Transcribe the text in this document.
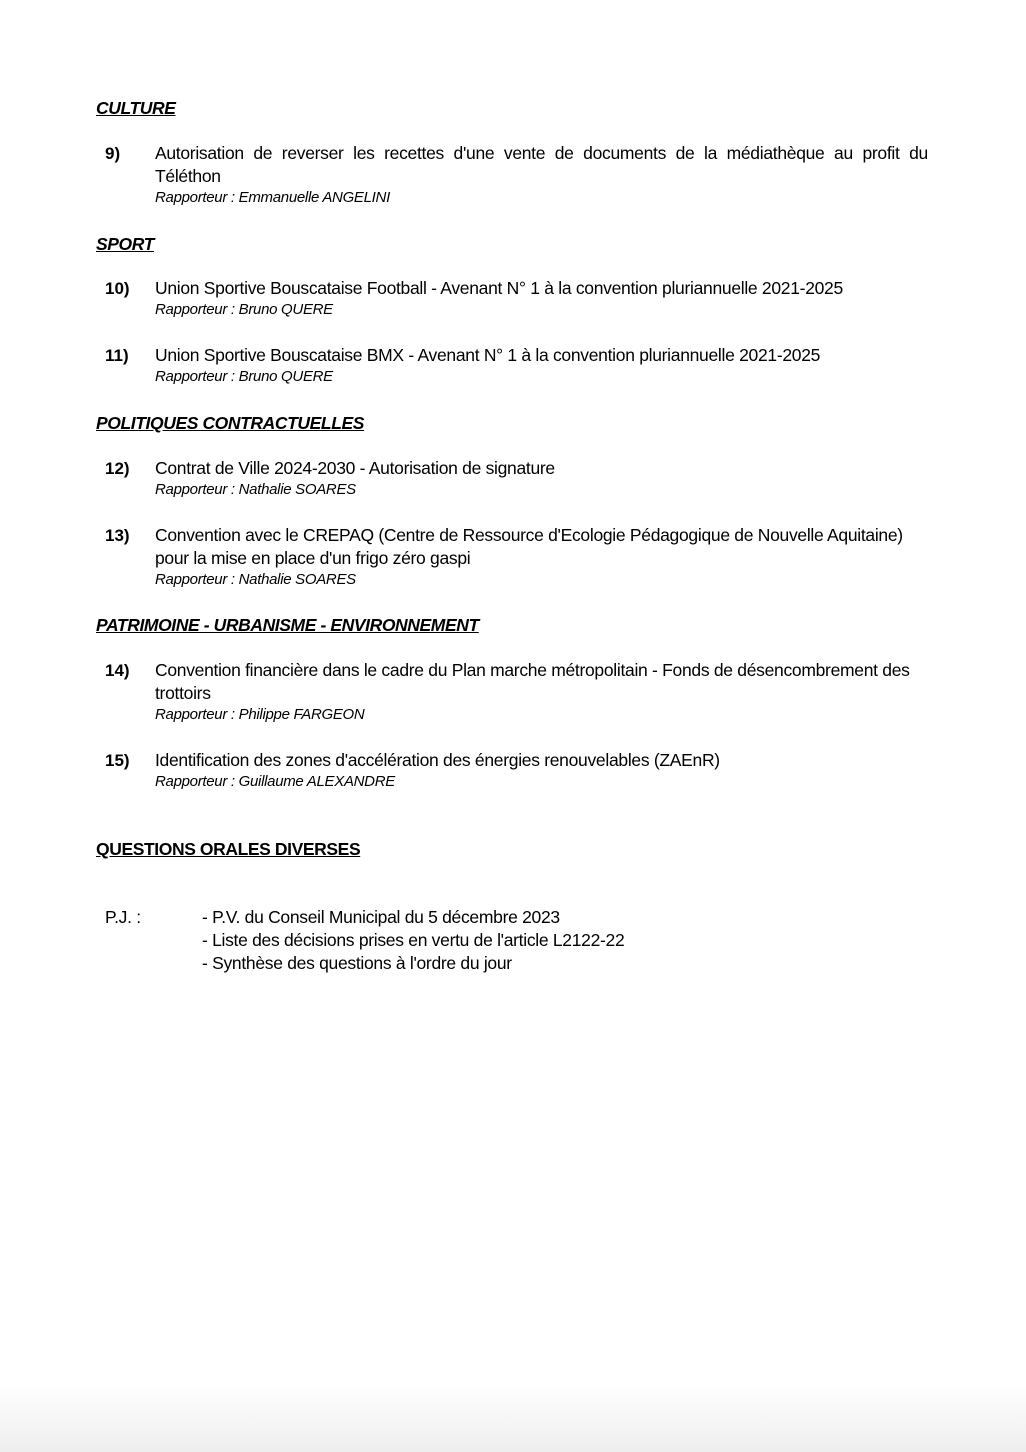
CULTURE
9) Autorisation de reverser les recettes d'une vente de documents de la médiathèque au profit du Téléthon
Rapporteur : Emmanuelle ANGELINI
SPORT
10) Union Sportive Bouscataise Football - Avenant N° 1 à la convention pluriannuelle 2021-2025
Rapporteur : Bruno QUERE
11) Union Sportive Bouscataise BMX - Avenant N° 1 à la convention pluriannuelle 2021-2025
Rapporteur : Bruno QUERE
POLITIQUES CONTRACTUELLES
12) Contrat de Ville 2024-2030 - Autorisation de signature
Rapporteur : Nathalie SOARES
13) Convention avec le CREPAQ (Centre de Ressource d'Ecologie Pédagogique de Nouvelle Aquitaine) pour la mise en place d'un frigo zéro gaspi
Rapporteur : Nathalie SOARES
PATRIMOINE - URBANISME - ENVIRONNEMENT
14) Convention financière dans le cadre du Plan marche métropolitain - Fonds de désencombrement des trottoirs
Rapporteur : Philippe FARGEON
15) Identification des zones d'accélération des énergies renouvelables (ZAEnR)
Rapporteur : Guillaume ALEXANDRE
QUESTIONS ORALES DIVERSES
P.J. :	- P.V. du Conseil Municipal du 5 décembre 2023
- Liste des décisions prises en vertu de l'article L2122-22
- Synthèse des questions à l'ordre du jour
